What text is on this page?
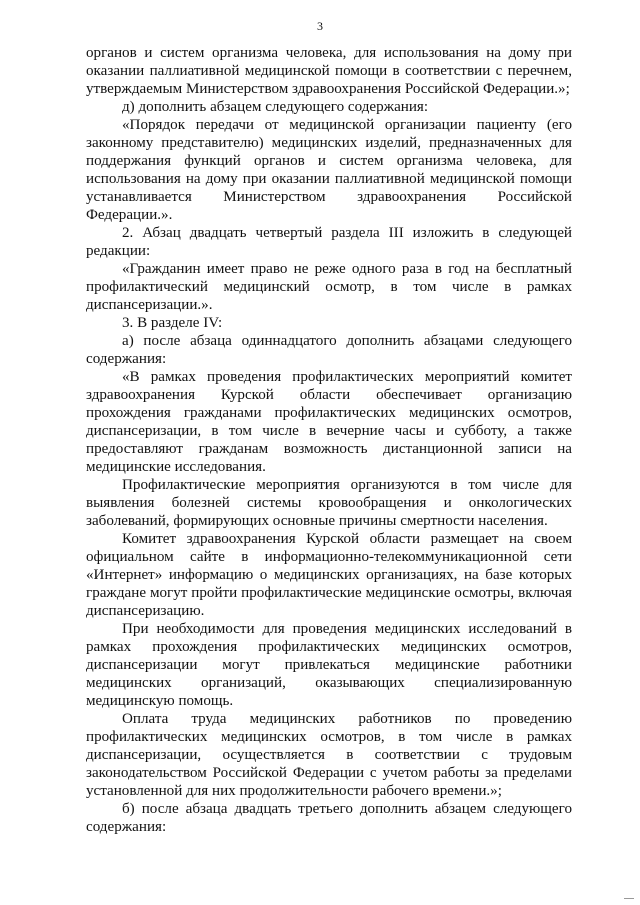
3

органов и систем организма человека, для использования на дому при оказании паллиативной медицинской помощи в соответствии с перечнем, утверждаемым Министерством здравоохранения Российской Федерации.»;

д) дополнить абзацем следующего содержания:

«Порядок передачи от медицинской организации пациенту (его законному представителю) медицинских изделий, предназначенных для поддержания функций органов и систем организма человека, для использования на дому при оказании паллиативной медицинской помощи устанавливается Министерством здравоохранения Российской Федерации.».

2. Абзац двадцать четвертый раздела III изложить в следующей редакции:

«Гражданин имеет право не реже одного раза в год на бесплатный профилактический медицинский осмотр, в том числе в рамках диспансеризации.».

3. В разделе IV:

а) после абзаца одиннадцатого дополнить абзацами следующего содержания:

«В рамках проведения профилактических мероприятий комитет здравоохранения Курской области обеспечивает организацию прохождения гражданами профилактических медицинских осмотров, диспансеризации, в том числе в вечерние часы и субботу, а также предоставляют гражданам возможность дистанционной записи на медицинские исследования.

Профилактические мероприятия организуются в том числе для выявления болезней системы кровообращения и онкологических заболеваний, формирующих основные причины смертности населения.

Комитет здравоохранения Курской области размещает на своем официальном сайте в информационно-телекоммуникационной сети «Интернет» информацию о медицинских организациях, на базе которых граждане могут пройти профилактические медицинские осмотры, включая диспансеризацию.

При необходимости для проведения медицинских исследований в рамках прохождения профилактических медицинских осмотров, диспансеризации могут привлекаться медицинские работники медицинских организаций, оказывающих специализированную медицинскую помощь.

Оплата труда медицинских работников по проведению профилактических медицинских осмотров, в том числе в рамках диспансеризации, осуществляется в соответствии с трудовым законодательством Российской Федерации с учетом работы за пределами установленной для них продолжительности рабочего времени.»;

б) после абзаца двадцать третьего дополнить абзацем следующего содержания:
